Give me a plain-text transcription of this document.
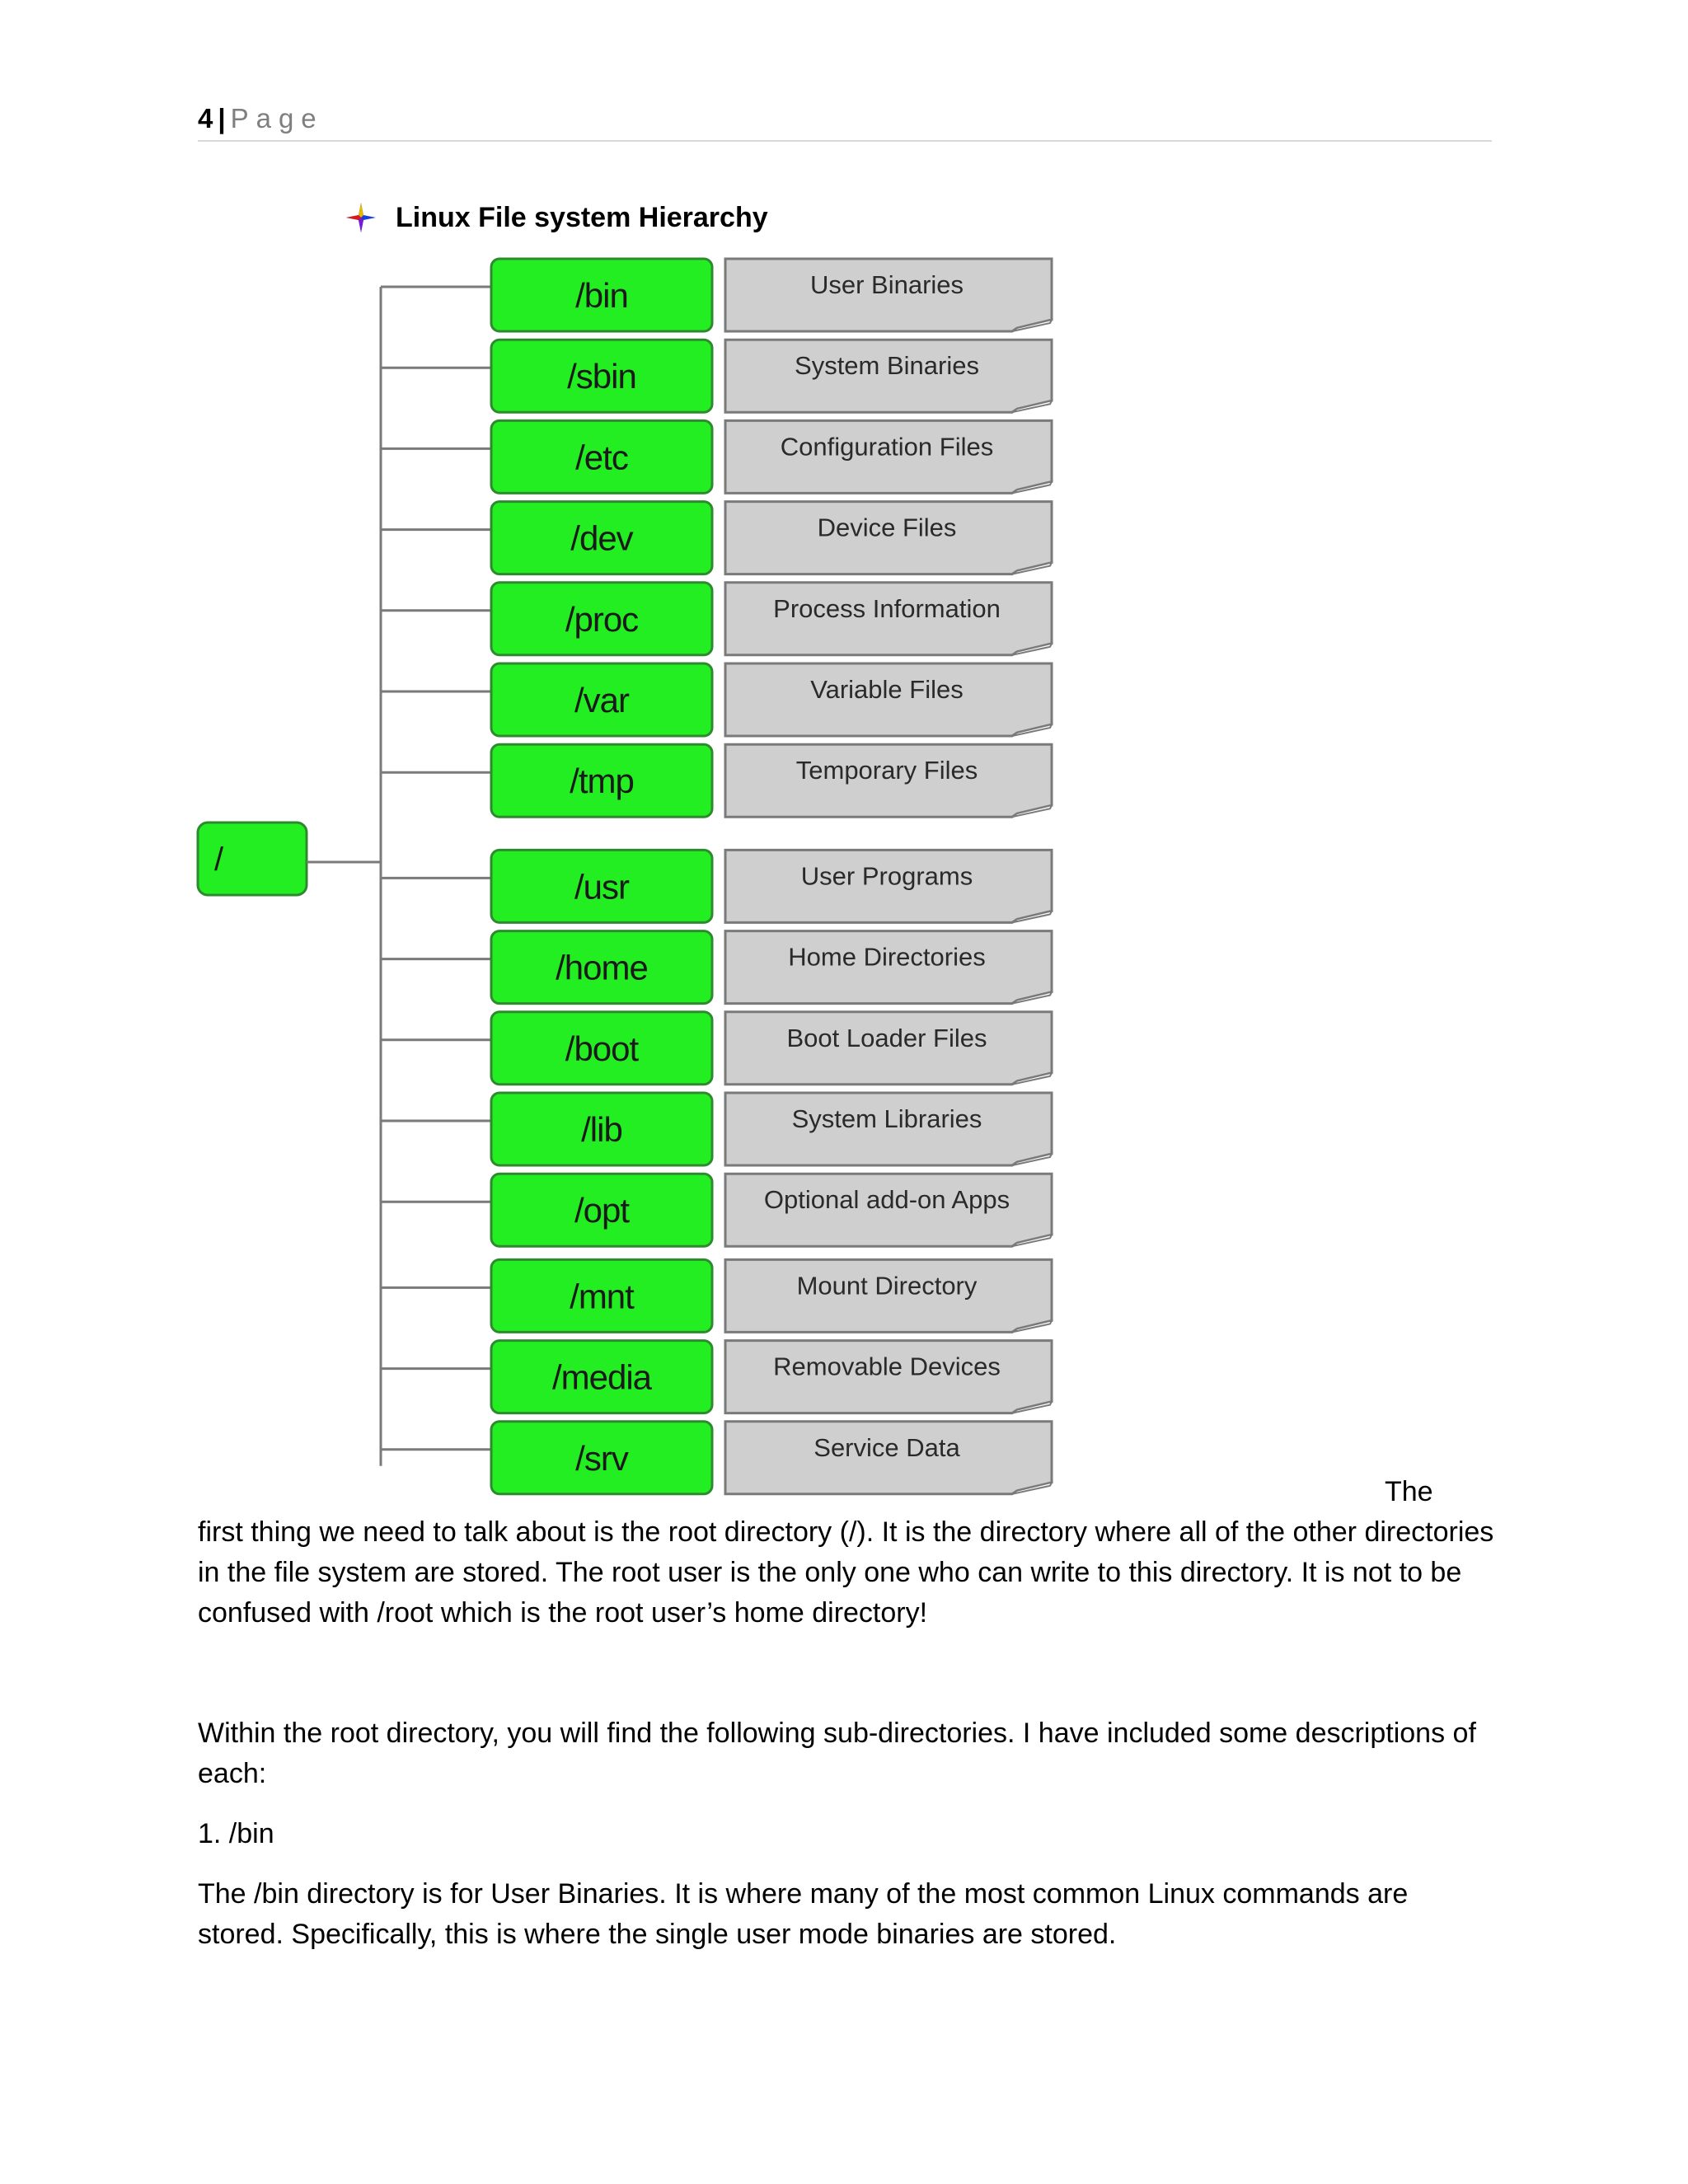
4 | Page
Linux File system Hierarchy
/
/bin	User Binaries
/sbin	System Binaries
/etc	Configuration Files
/dev	Device Files
/proc	Process Information
/var	Variable Files
/tmp	Temporary Files
/usr	User Programs
/home	Home Directories
/boot	Boot Loader Files
/lib	System Libraries
/opt	Optional add-on Apps
/mnt	Mount Directory
/media	Removable Devices
/srv	Service Data
The

first thing we need to talk about is the root directory (/). It is the directory where all of the other directories in the file system are stored. The root user is the only one who can write to this directory. It is not to be confused with /root which is the root user’s home directory!

Within the root directory, you will find the following sub-directories. I have included some descriptions of each:

1. /bin

The /bin directory is for User Binaries. It is where many of the most common Linux commands are stored. Specifically, this is where the single user mode binaries are stored.
